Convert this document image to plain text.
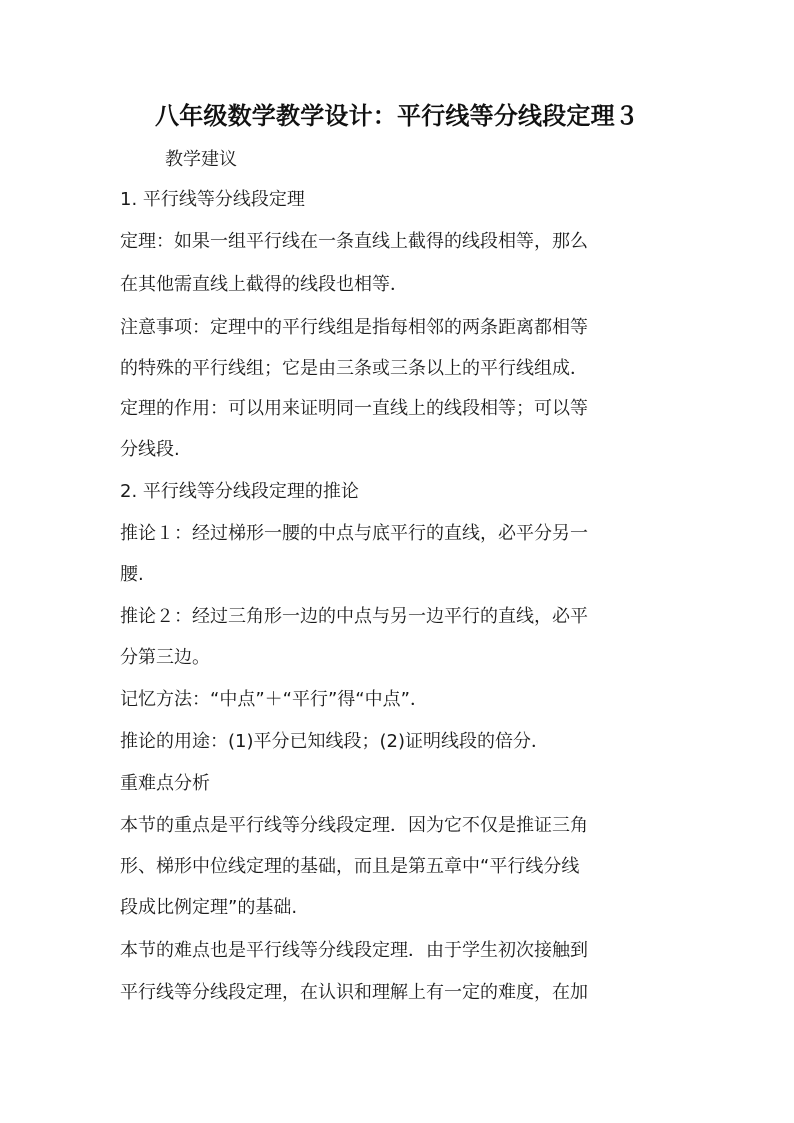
八年级数学教学设计：平行线等分线段定理３
教学建议
1. 平行线等分线段定理
定理：如果一组平行线在一条直线上截得的线段相等，那么
在其他需直线上截得的线段也相等．
注意事项：定理中的平行线组是指每相邻的两条距离都相等
的特殊的平行线组；它是由三条或三条以上的平行线组成．
定理的作用：可以用来证明同一直线上的线段相等；可以等
分线段.
2. 平行线等分线段定理的推论
推论１：经过梯形一腰的中点与底平行的直线，必平分另一
腰.
推论２：经过三角形一边的中点与另一边平行的直线，必平
分第三边。
记忆方法：“中点”＋“平行”得“中点”．
推论的用途：(1)平分已知线段；(2)证明线段的倍分．
重难点分析
本节的重点是平行线等分线段定理．因为它不仅是推证三角
形、梯形中位线定理的基础，而且是第五章中“平行线分线
段成比例定理”的基础.
本节的难点也是平行线等分线段定理．由于学生初次接触到
平行线等分线段定理，在认识和理解上有一定的难度，在加
